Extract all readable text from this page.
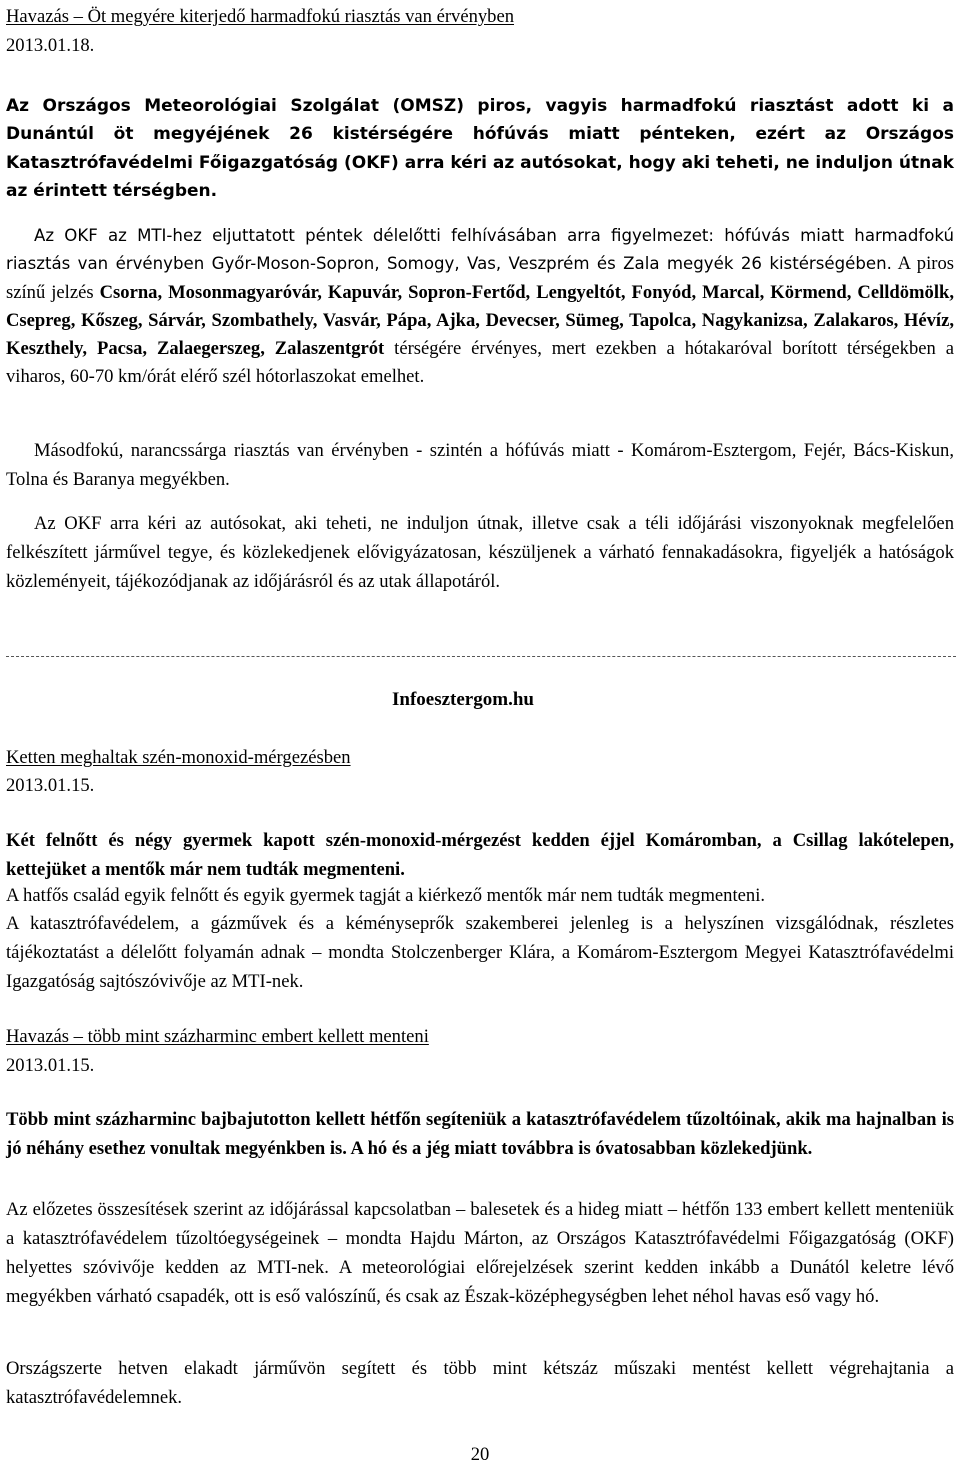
Havazás – Öt megyére kiterjedő harmadfokú riasztás van érvényben
2013.01.18.

Az Országos Meteorológiai Szolgálat (OMSZ) piros, vagyis harmadfokú riasztást adott ki a Dunántúl öt megyéjének 26 kistérségére hófúvás miatt pénteken, ezért az Országos Katasztrófavédelmi Főigazgatóság (OKF) arra kéri az autósokat, hogy aki teheti, ne induljon útnak az érintett térségben.

Az OKF az MTI-hez eljuttatott péntek délelőtti felhívásában arra figyelmezet: hófúvás miatt harmadfokú riasztás van érvényben Győr-Moson-Sopron, Somogy, Vas, Veszprém és Zala megyék 26 kistérségében. A piros színű jelzés Csorna, Mosonmagyaróvár, Kapuvár, Sopron-Fertőd, Lengyeltót, Fonyód, Marcal, Körmend, Celldömölk, Csepreg, Kőszeg, Sárvár, Szombathely, Vasvár, Pápa, Ajka, Devecser, Sümeg, Tapolca, Nagykanizsa, Zalakaros, Hévíz, Keszthely, Pacsa, Zalaegerszeg, Zalaszentgrót térségére érvényes, mert ezekben a hótakaróval borított térségekben a viharos, 60-70 km/órát elérő szél hótorlaszokat emelhet.

Másodfokú, narancssárga riasztás van érvényben - szintén a hófúvás miatt - Komárom-Esztergom, Fejér, Bács-Kiskun, Tolna és Baranya megyékben.

Az OKF arra kéri az autósokat, aki teheti, ne induljon útnak, illetve csak a téli időjárási viszonyoknak megfelelően felkészített járművel tegye, és közlekedjenek elővigyázatosan, készüljenek a várható fennakadásokra, figyeljék a hatóságok közleményeit, tájékozódjanak az időjárásról és az utak állapotáról.

Ketten meghaltak szén-monoxid-mérgezésben
2013.01.15.

Két felnőtt és négy gyermek kapott szén-monoxid-mérgezést kedden éjjel Komáromban, a Csillag lakótelepen, kettejüket a mentők már nem tudták megmenteni.

A hatfős család egyik felnőtt és egyik gyermek tagját a kiérkező mentők már nem tudták megmenteni.

A katasztrófavédelem, a gázművek és a kéményseprők szakemberei jelenleg is a helyszínen vizsgálódnak, részletes tájékoztatást a délelőtt folyamán adnak – mondta Stolczenberger Klára, a Komárom-Esztergom Megyei Katasztrófavédelmi Igazgatóság sajtószóvivője az MTI-nek.

Havazás – több mint százharminc embert kellett menteni
2013.01.15.

Több mint százharminc bajbajutotton kellett hétfőn segíteniük a katasztrófavédelem tűzoltóinak, akik ma hajnalban is jó néhány esethez vonultak megyénkben is. A hó és a jég miatt továbbra is óvatosabban közlekedjünk.

Az előzetes összesítések szerint az időjárással kapcsolatban – balesetek és a hideg miatt – hétfőn 133 embert kellett menteniük a katasztrófavédelem tűzoltóegységeinek – mondta Hajdu Márton, az Országos Katasztrófavédelmi Főigazgatóság (OKF) helyettes szóvivője kedden az MTI-nek. A meteorológiai előrejelzések szerint kedden inkább a Dunától keletre lévő megyékben várható csapadék, ott is eső valószínű, és csak az Észak-középhegységben lehet néhol havas eső vagy hó.

Országszerte hetven elakadt járművön segített és több mint kétszáz műszaki mentést kellett végrehajtania a katasztrófavédelemnek.

Infoesztergom.hu
20
